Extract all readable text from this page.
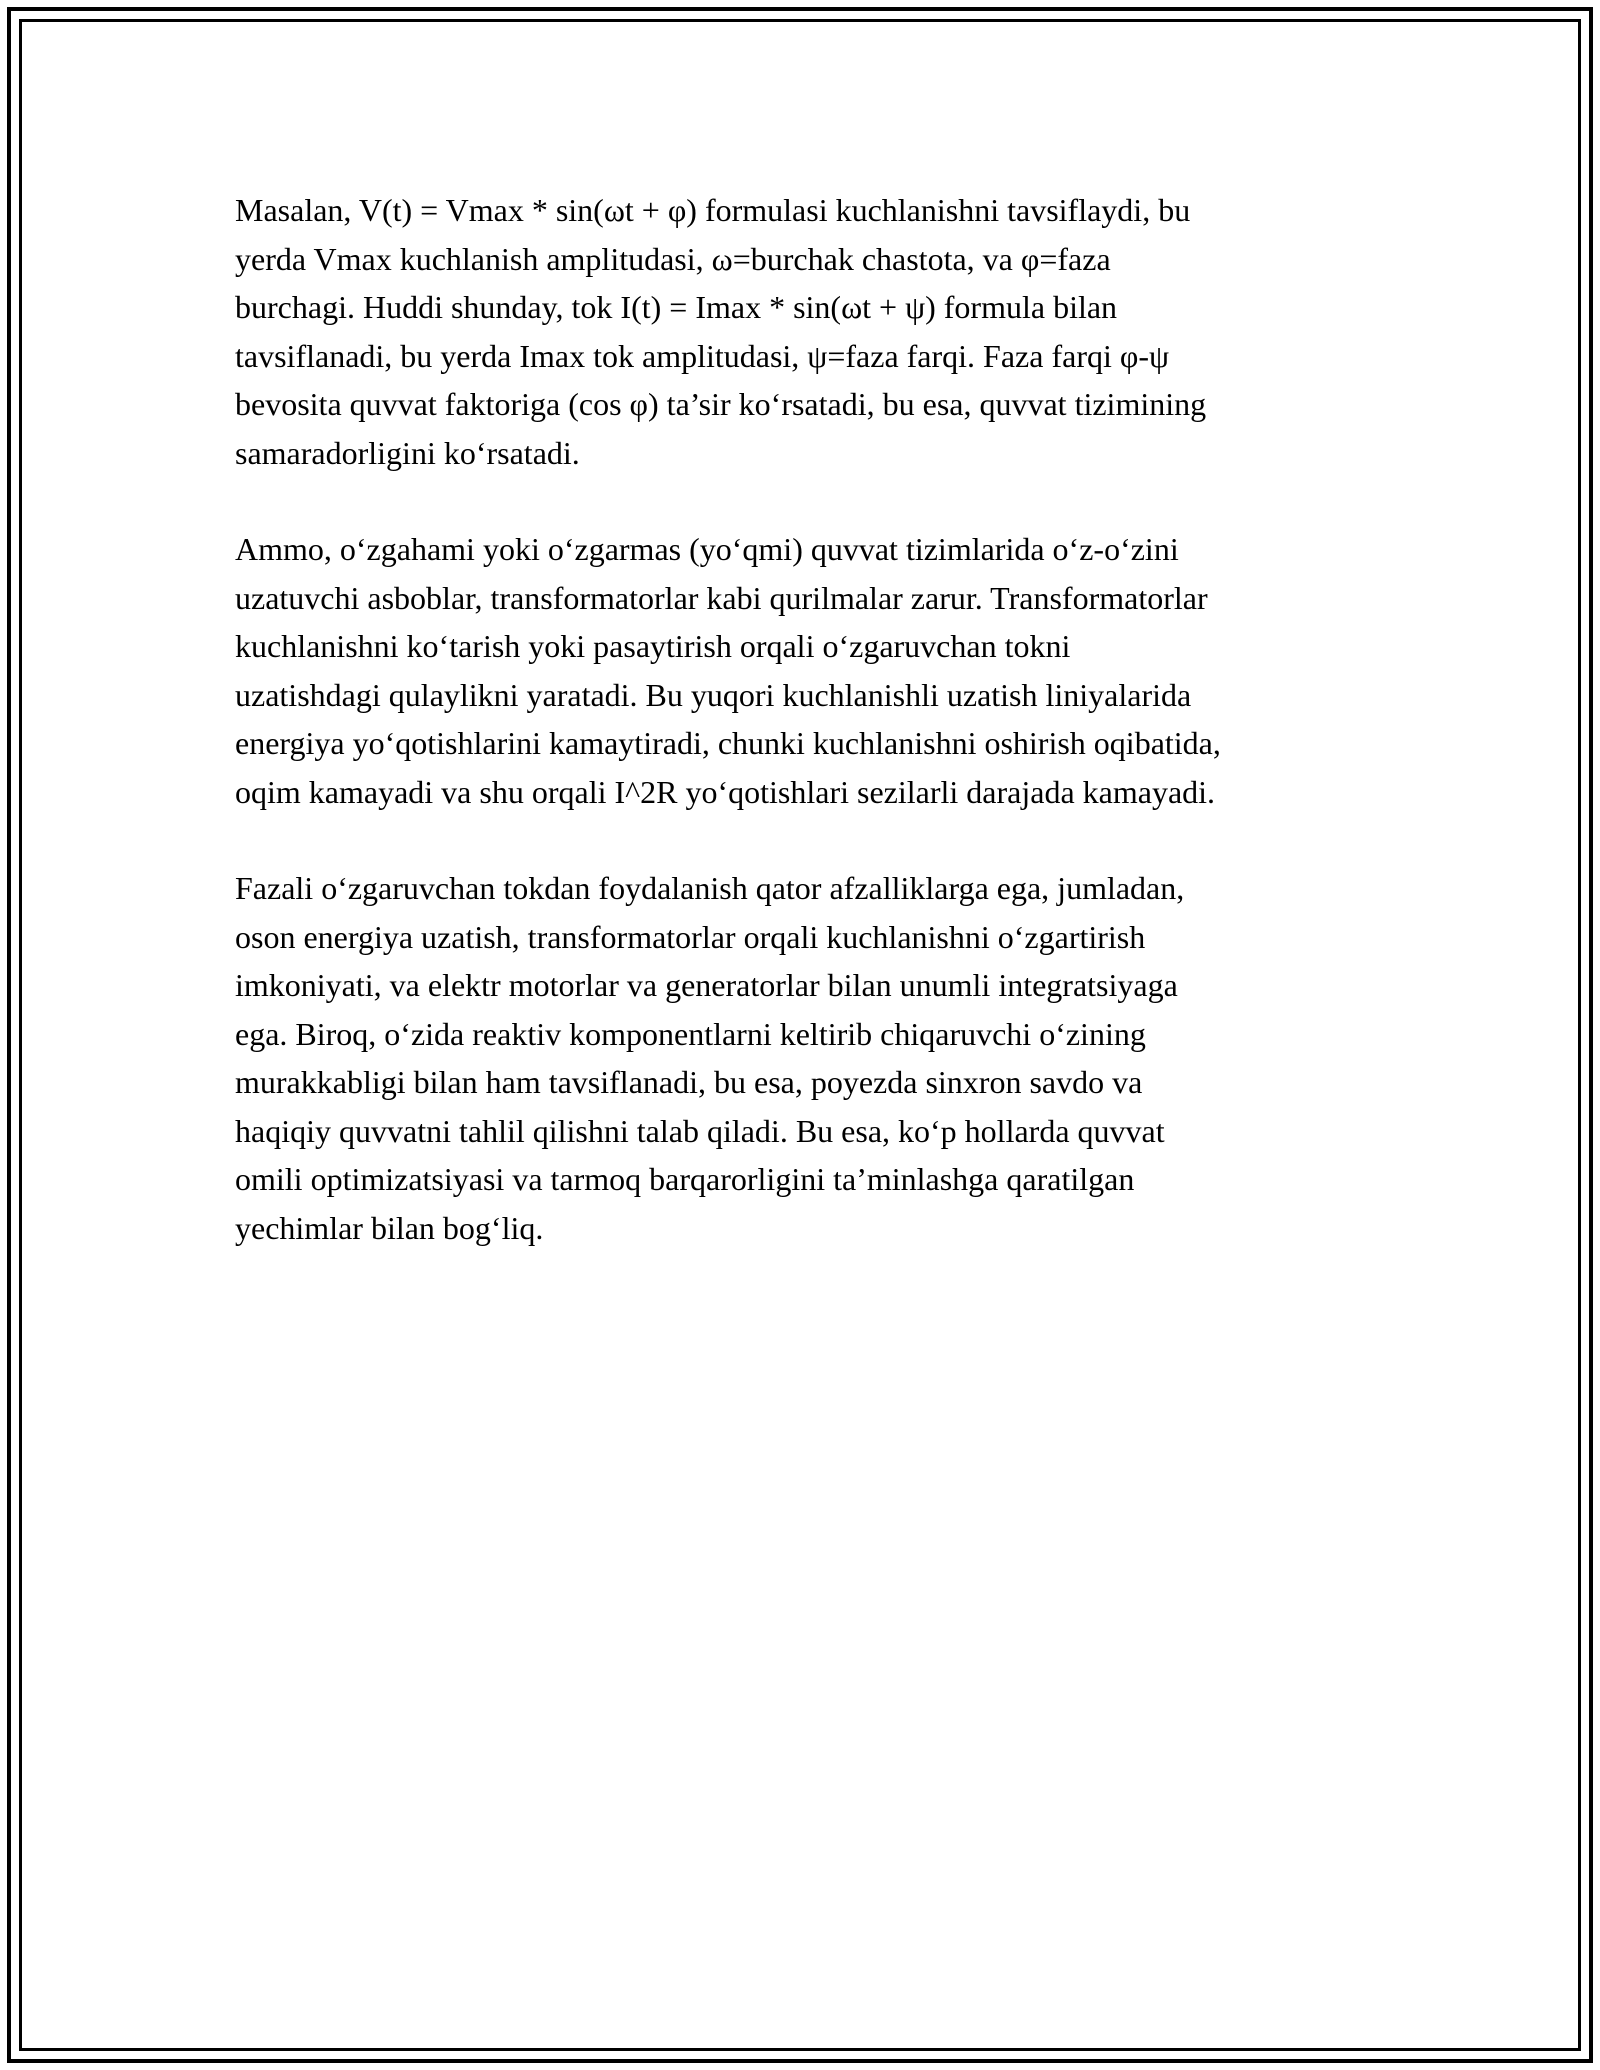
Masalan, V(t) = Vmax * sin(ωt + φ) formulasi kuchlanishni tavsiflaydi, bu
yerda Vmax kuchlanish amplitudasi, ω=burchak chastota, va φ=faza
burchagi. Huddi shunday, tok I(t) = Imax * sin(ωt + ψ) formula bilan
tavsiflanadi, bu yerda Imax tok amplitudasi, ψ=faza farqi. Faza farqi φ-ψ
bevosita quvvat faktoriga (cos φ) ta’sir koʻrsatadi, bu esa, quvvat tizimining
samaradorligini koʻrsatadi.

Ammo, oʻzgahami yoki oʻzgarmas (yoʻqmi) quvvat tizimlarida oʻz-oʻzini
uzatuvchi asboblar, transformatorlar kabi qurilmalar zarur. Transformatorlar
kuchlanishni koʻtarish yoki pasaytirish orqali oʻzgaruvchan tokni
uzatishdagi qulaylikni yaratadi. Bu yuqori kuchlanishli uzatish liniyalarida
energiya yoʻqotishlarini kamaytiradi, chunki kuchlanishni oshirish oqibatida,
oqim kamayadi va shu orqali I^2R yoʻqotishlari sezilarli darajada kamayadi.

Fazali oʻzgaruvchan tokdan foydalanish qator afzalliklarga ega, jumladan,
oson energiya uzatish, transformatorlar orqali kuchlanishni oʻzgartirish
imkoniyati, va elektr motorlar va generatorlar bilan unumli integratsiyaga
ega. Biroq, oʻzida reaktiv komponentlarni keltirib chiqaruvchi oʻzining
murakkabligi bilan ham tavsiflanadi, bu esa, poyezda sinxron savdo va
haqiqiy quvvatni tahlil qilishni talab qiladi. Bu esa, koʻp hollarda quvvat
omili optimizatsiyasi va tarmoq barqarorligini ta’minlashga qaratilgan
yechimlar bilan bogʻliq.
